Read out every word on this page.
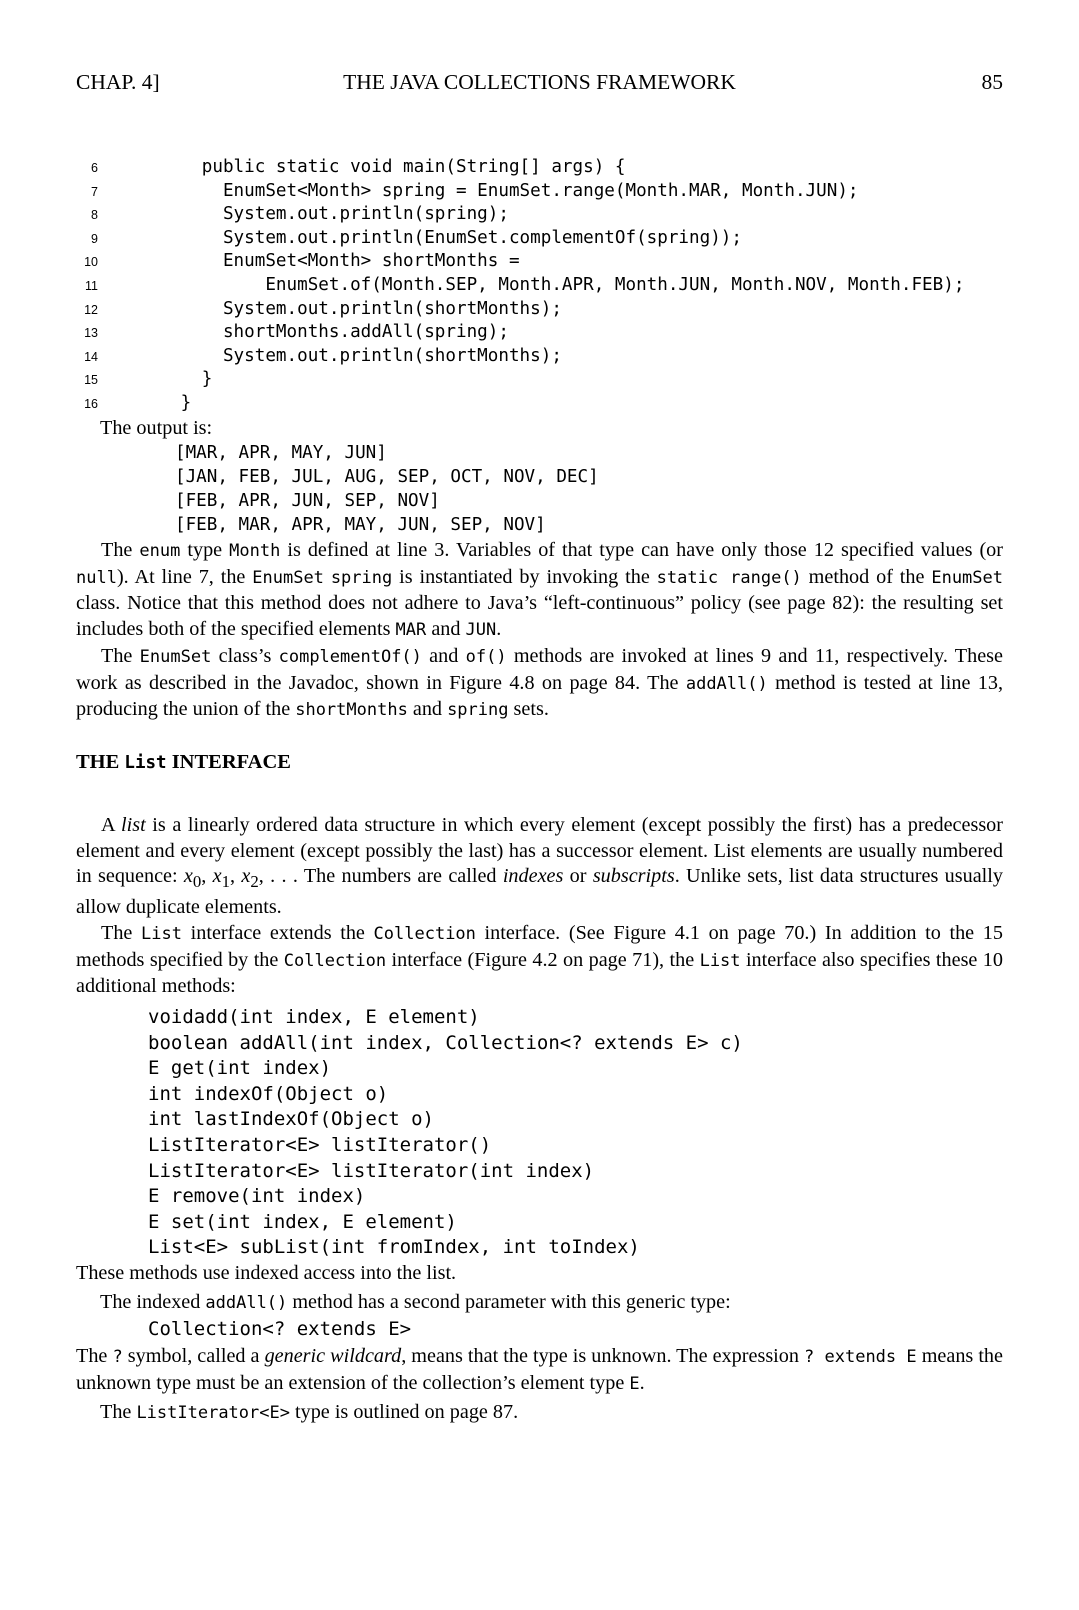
CHAP. 4]	THE JAVA COLLECTIONS FRAMEWORK	85
6	public static void main(String[] args) {
7	EnumSet<Month> spring = EnumSet.range(Month.MAR, Month.JUN);
8	System.out.println(spring);
9	System.out.println(EnumSet.complementOf(spring));
10	EnumSet<Month> shortMonths =
11	EnumSet.of(Month.SEP, Month.APR, Month.JUN, Month.NOV, Month.FEB);
12	System.out.println(shortMonths);
13	shortMonths.addAll(spring);
14	System.out.println(shortMonths);
15	}
16	}
The output is:
[MAR, APR, MAY, JUN]
[JAN, FEB, JUL, AUG, SEP, OCT, NOV, DEC]
[FEB, APR, JUN, SEP, NOV]
[FEB, MAR, APR, MAY, JUN, SEP, NOV]

The enum type Month is defined at line 3. Variables of that type can have only those 12 specified values (or null). At line 7, the EnumSet spring is instantiated by invoking the static range() method of the EnumSet class. Notice that this method does not adhere to Java’s “left-continuous” policy (see page 82): the resulting set includes both of the specified elements MAR and JUN.

The EnumSet class’s complementOf() and of() methods are invoked at lines 9 and 11, respectively. These work as described in the Javadoc, shown in Figure 4.8 on page 84. The addAll() method is tested at line 13, producing the union of the shortMonths and spring sets.

THE List INTERFACE

A list is a linearly ordered data structure in which every element (except possibly the first) has a predecessor element and every element (except possibly the last) has a successor element. List elements are usually numbered in sequence: $x_0$, $x_1$, $x_2$, . . . The numbers are called indexes or subscripts. Unlike sets, list data structures usually allow duplicate elements.

The List interface extends the Collection interface. (See Figure 4.1 on page 70.) In addition to the 15 methods specified by the Collection interface (Figure 4.2 on page 71), the List interface also specifies these 10 additional methods:

voidadd(int index, E element)
boolean addAll(int index, Collection<? extends E> c)
E get(int index)
int indexOf(Object o)
int lastIndexOf(Object o)
ListIterator<E> listIterator()
ListIterator<E> listIterator(int index)
E remove(int index)
E set(int index, E element)
List<E> subList(int fromIndex, int toIndex)
These methods use indexed access into the list.
The indexed addAll() method has a second parameter with this generic type:
Collection<? extends E>

The ? symbol, called a generic wildcard, means that the type is unknown. The expression ? extends E means the unknown type must be an extension of the collection’s element type E.

The ListIterator<E> type is outlined on page 87.
